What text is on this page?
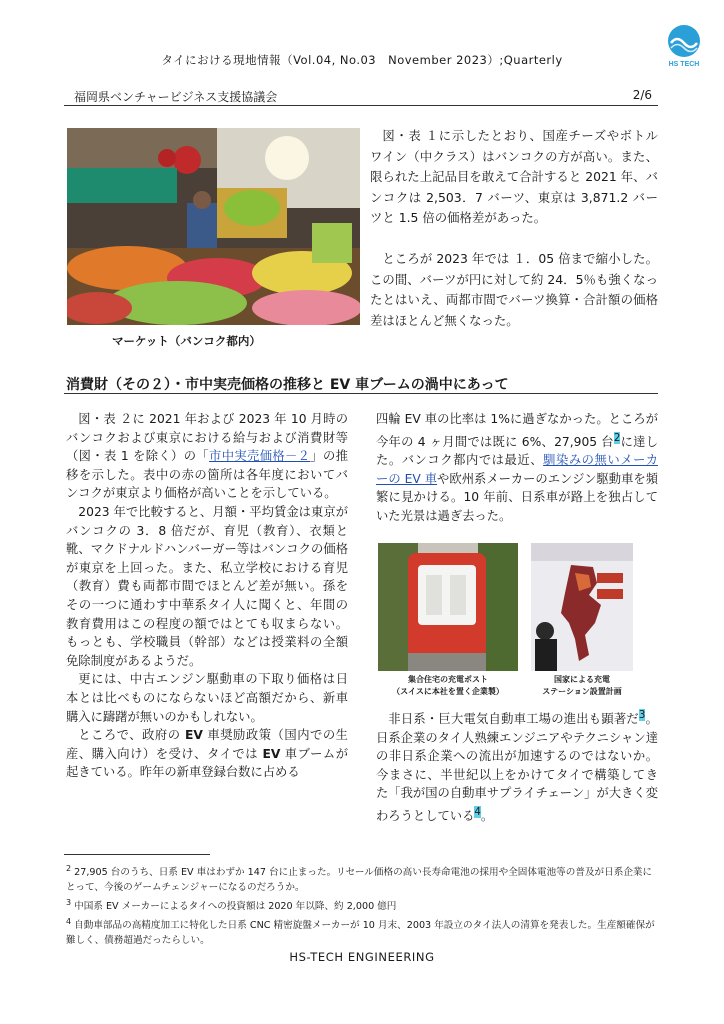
タイにおける現地情報（Vol.04, No.03　November 2023）;Quarterly	HS TECH
福岡県ベンチャービジネス支援協議会	2/6
マーケット（バンコク都内）

図・表 １に示したとおり、国産チーズやボトルワイン（中クラス）はバンコクの方が高い。また、限られた上記品目を敢えて合計すると 2021 年、バンコクは 2,503．7 バーツ、東京は 3,871.2 バーツと 1.5 倍の価格差があった。

ところが 2023 年では １．05 倍まで縮小した。この間、バーツが円に対して約 24．5％も強くなったとはいえ、両都市間でバーツ換算・合計額の価格差はほとんど無くなった。

消費財（その２）・市中実売価格の推移と EV 車ブームの渦中にあって

図・表 ２に 2021 年および 2023 年 10 月時のバンコクおよび東京における給与および消費財等（図・表 1 を除く）の「市中実売価格－２」の推移を示した。表中の赤の箇所は各年度においてバンコクが東京より価格が高いことを示している。

2023 年で比較すると、月額・平均賃金は東京がバンコクの 3．8 倍だが、育児（教育）、衣類と靴、マクドナルドハンバーガー等はバンコクの価格が東京を上回った。また、私立学校における育児（教育）費も両都市間でほとんど差が無い。孫をその一つに通わす中華系タイ人に聞くと、年間の教育費用はこの程度の額ではとても収まらない。もっとも、学校職員（幹部）などは授業料の全額免除制度があるようだ。

更には、中古エンジン駆動車の下取り価格は日本とは比べものにならないほど高額だから、新車購入に躊躇が無いのかもしれない。

ところで、政府の EV 車奨励政策（国内での生産、購入向け）を受け、タイでは EV 車ブームが起きている。昨年の新車登録台数に占める

四輪 EV 車の比率は 1%に過ぎなかった。ところが今年の 4 ヶ月間では既に 6%、27,905 台$^2$に達した。バンコク都内では最近、馴染みの無いメーカーの EV 車や欧州系メーカーのエンジン駆動車を頻繁に見かける。10 年前、日系車が路上を独占していた光景は過ぎ去った。

集合住宅の充電ポスト
（スイスに本社を置く企業製）
国家による充電
ステーション設置計画

非日系・巨大電気自動車工場の進出も顕著だ$^3$。日系企業のタイ人熟練エンジニアやテクニシャン達の非日系企業への流出が加速するのではないか。今まさに、半世紀以上をかけてタイで構築してきた「我が国の自動車サプライチェーン」が大きく変わろうとしている$^4$。

$^2$ 27,905 台のうち、日系 EV 車はわずか 147 台に止まった。リセール価格の高い長寿命電池の採用や全固体電池等の普及が日系企業にとって、今後のゲームチェンジャーになるのだろうか。

$^3$ 中国系 EV メーカーによるタイへの投資額は 2020 年以降、約 2,000 億円

$^4$ 自動車部品の高精度加工に特化した日系 CNC 精密旋盤メーカーが 10 月末、2003 年設立のタイ法人の清算を発表した。生産額確保が難しく、債務超過だったらしい。

HS-TECH ENGINEERING
